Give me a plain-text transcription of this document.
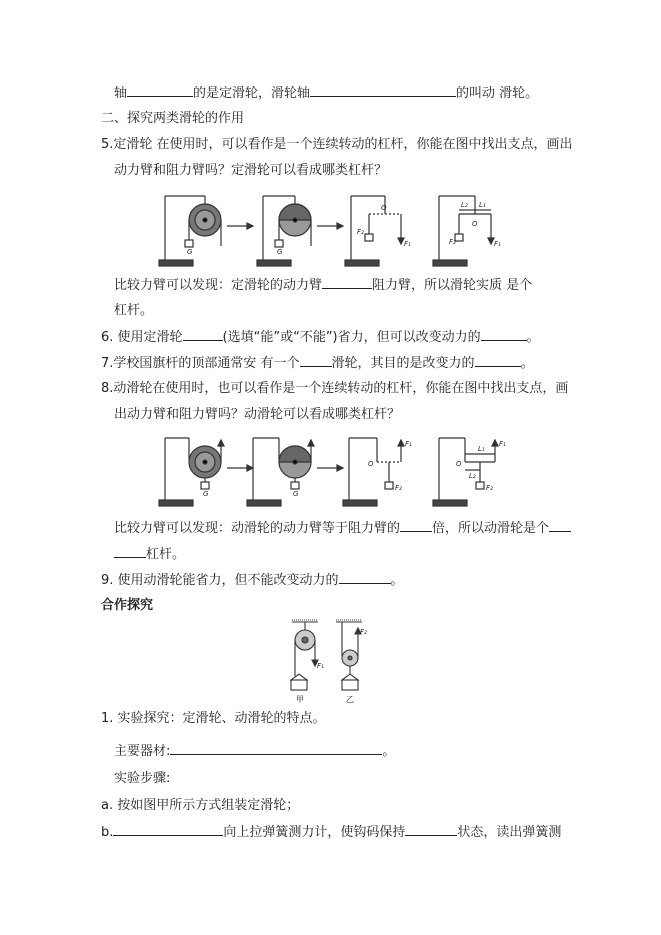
轴	的是定滑轮，滑轮轴	的叫动 滑轮。
二、探究两类滑轮的作用
5.定滑轮 在使用时，可以看作是一个连续转动的杠杆，你能在图中找出支点，画出
动力臂和阻力臂吗？定滑轮可以看成哪类杠杆？
G	G
O
F₂
F₁
L₂ L₁
O
F₂	F₁
比较力臂可以发现：定滑轮的动力臂	阻力臂，所以滑轮实质 是个
杠杆。
6. 使用定滑轮	(选填“能”或“不能”)省力，但可以改变动力的	。
7.学校国旗杆的顶部通常安 有一个 滑轮，其目的是改变力的	。
8.动滑轮在使用时，也可以看作是一个连续转动的杠杆，你能在图中找出支点，画
出动力臂和阻力臂吗？动滑轮可以看成哪类杠杆？
G	G
O
F₁
F₂
O
L₁
L₂
F₁
F₂
比较力臂可以发现：动滑轮的动力臂等于阻力臂的 倍，所以动滑轮是个
杠杆。
9. 使用动滑轮能省力，但不能改变动力的	。
合作探究
F₁
F₂
甲	乙
1. 实验探究：定滑轮、动滑轮的特点。
主要器材:	。
实验步骤:
a. 按如图甲所示方式组装定滑轮；
b.	向上拉弹簧测力计，使钩码保持	状态，读出弹簧测
